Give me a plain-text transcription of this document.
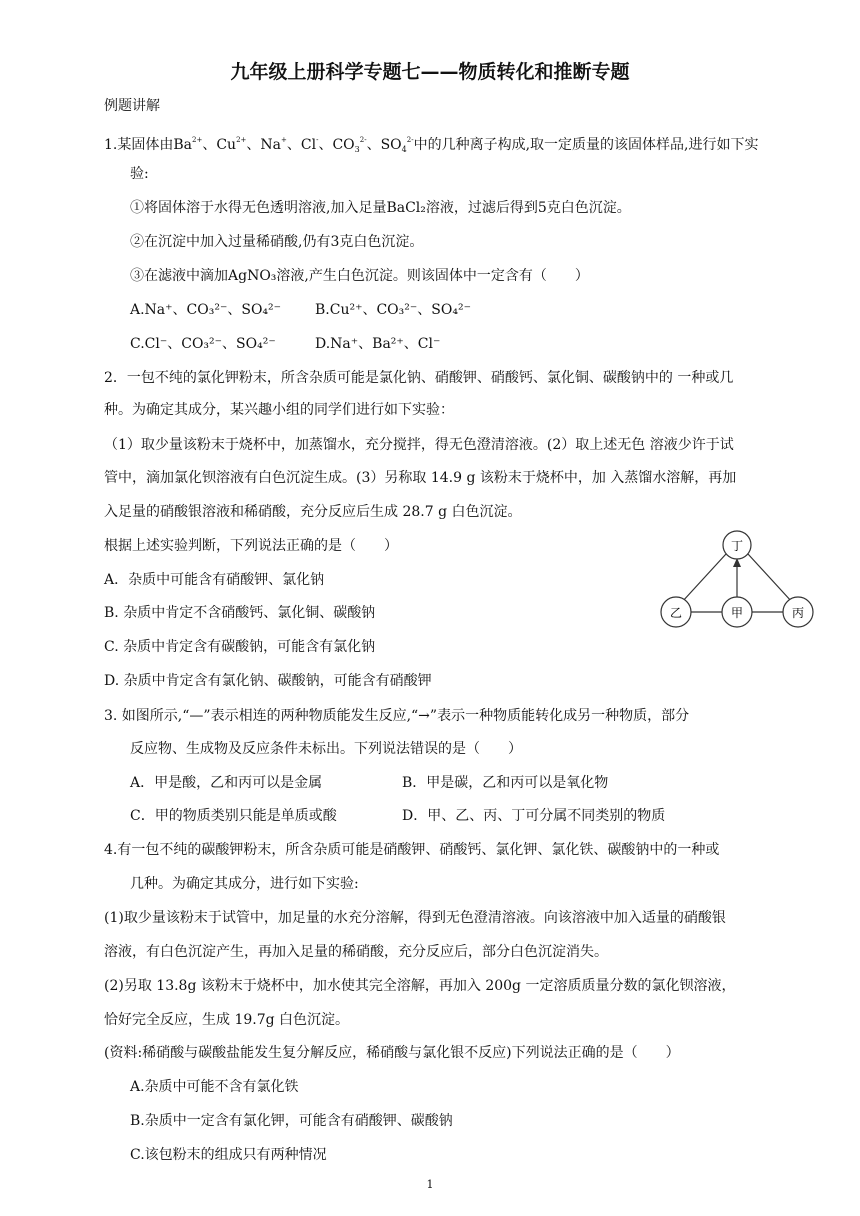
九年级上册科学专题七——物质转化和推断专题
例题讲解
1.某固体由$Ba^{2+}$、$Cu^{2+}$、Na+、Cl-、$CO_3^{2-}$、$SO_4^{2-}$中的几种离子构成,取一定质量的该固体样品,进行如下实
验:
①将固体溶于水得无色透明溶液,加入足量BaCl₂溶液，过滤后得到5克白色沉淀。
②在沉淀中加入过量稀硝酸,仍有3克白色沉淀。
③在滤液中滴加AgNO₃溶液,产生白色沉淀。则该固体中一定含有（　　）
A.Na⁺、CO₃²⁻、SO₄²⁻ B.Cu²⁺、CO₃²⁻、SO₄²⁻
C.Cl⁻、CO₃²⁻、SO₄²⁻	D.Na⁺、Ba²⁺、Cl⁻
2．一包不纯的氯化钾粉末，所含杂质可能是氯化钠、硝酸钾、硝酸钙、氯化铜、碳酸钠中的 一种或几
种。为确定其成分，某兴趣小组的同学们进行如下实验：
（1）取少量该粉末于烧杯中，加蒸馏水，充分搅拌，得无色澄清溶液。(2）取上述无色 溶液少许于试
管中，滴加氯化钡溶液有白色沉淀生成。(3）另称取 14.9 g 该粉末于烧杯中，加 入蒸馏水溶解，再加
入足量的硝酸银溶液和稀硝酸，充分反应后生成 28.7 g 白色沉淀。
根据上述实验判断，下列说法正确的是（　　）
A．杂质中可能含有硝酸钾、氯化钠
B. 杂质中肯定不含硝酸钙、氯化铜、碳酸钠
C. 杂质中肯定含有碳酸钠，可能含有氯化钠
D. 杂质中肯定含有氯化钠、碳酸钠，可能含有硝酸钾
丁
乙	甲	丙
3. 如图所示,“—”表示相连的两种物质能发生反应,“→”表示一种物质能转化成另一种物质，部分
反应物、生成物及反应条件未标出。下列说法错误的是（　　）
A．甲是酸，乙和丙可以是金属	B．甲是碳，乙和丙可以是氧化物
C．甲的物质类别只能是单质或酸	D．甲、乙、丙、丁可分属不同类别的物质
4.有一包不纯的碳酸钾粉末，所含杂质可能是硝酸钾、硝酸钙、氯化钾、氯化铁、碳酸钠中的一种或
几种。为确定其成分，进行如下实验:
(1)取少量该粉末于试管中，加足量的水充分溶解，得到无色澄清溶液。向该溶液中加入适量的硝酸银
溶液，有白色沉淀产生，再加入足量的稀硝酸，充分反应后，部分白色沉淀消失。
(2)另取 13.8g 该粉末于烧杯中，加水使其完全溶解，再加入 200g 一定溶质质量分数的氯化钡溶液，
恰好完全反应，生成 19.7g 白色沉淀。
(资料:稀硝酸与碳酸盐能发生复分解反应，稀硝酸与氯化银不反应)下列说法正确的是（　　）
A.杂质中可能不含有氯化铁
B.杂质中一定含有氯化钾，可能含有硝酸钾、碳酸钠
C.该包粉末的组成只有两种情况
1
